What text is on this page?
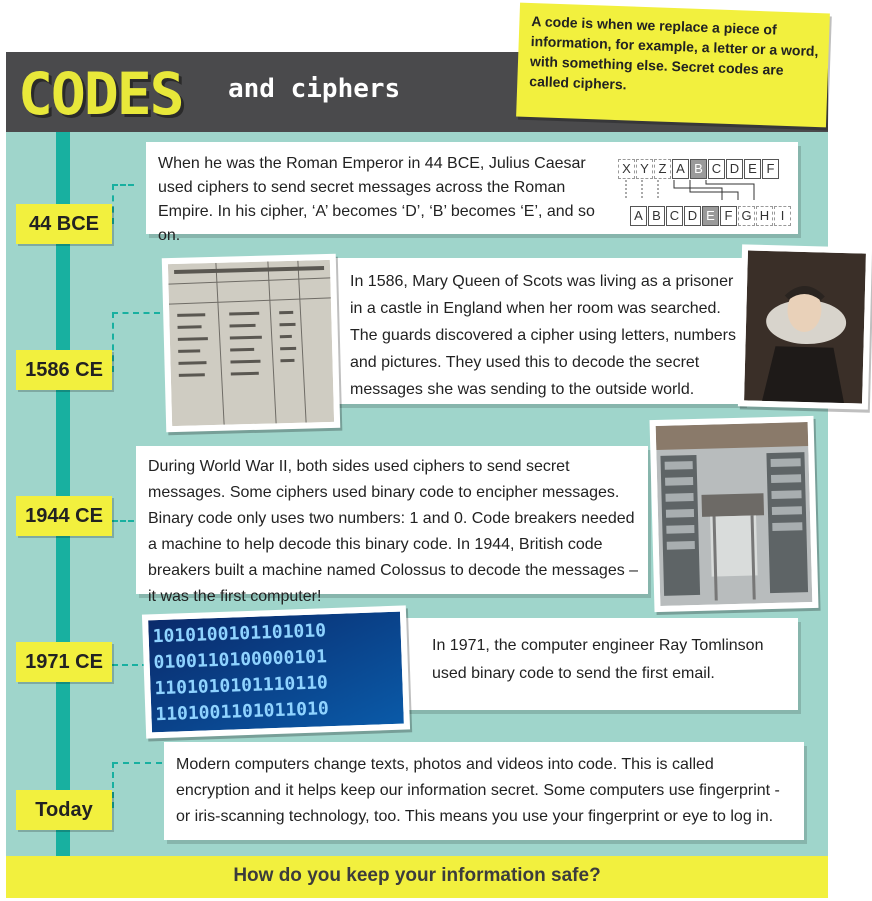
CODES and ciphers
A code is when we replace a piece of information, for example, a letter or a word, with something else. Secret codes are called ciphers.
44 BCE
When he was the Roman Emperor in 44 BCE, Julius Caesar used ciphers to send secret messages across the Roman Empire. In his cipher, ‘A’ becomes ‘D’, ‘B’ becomes ‘E’, and so on.
X Y Z A B C D E F
A B C D E F G H I
1586 CE
In 1586, Mary Queen of Scots was living as a prisoner in a castle in England when her room was searched. The guards discovered a cipher using letters, numbers and pictures. They used this to decode the secret messages she was sending to the outside world.
1944 CE
During World War II, both sides used ciphers to send secret messages. Some ciphers used binary code to encipher messages. Binary code only uses two numbers: 1 and 0. Code breakers needed a machine to help decode this binary code. In 1944, British code breakers built a machine named Colossus to decode the messages – it was the first computer!
1971 CE
In 1971, the computer engineer Ray Tomlinson used binary code to send the first email.
1010100101101010
0100110100000101
1101010101110110
1101001101011010
Today
Modern computers change texts, photos and videos into code. This is called encryption and it helps keep our information secret. Some computers use fingerprint - or iris-scanning technology, too. This means you use your fingerprint or eye to log in.
How do you keep your information safe?
